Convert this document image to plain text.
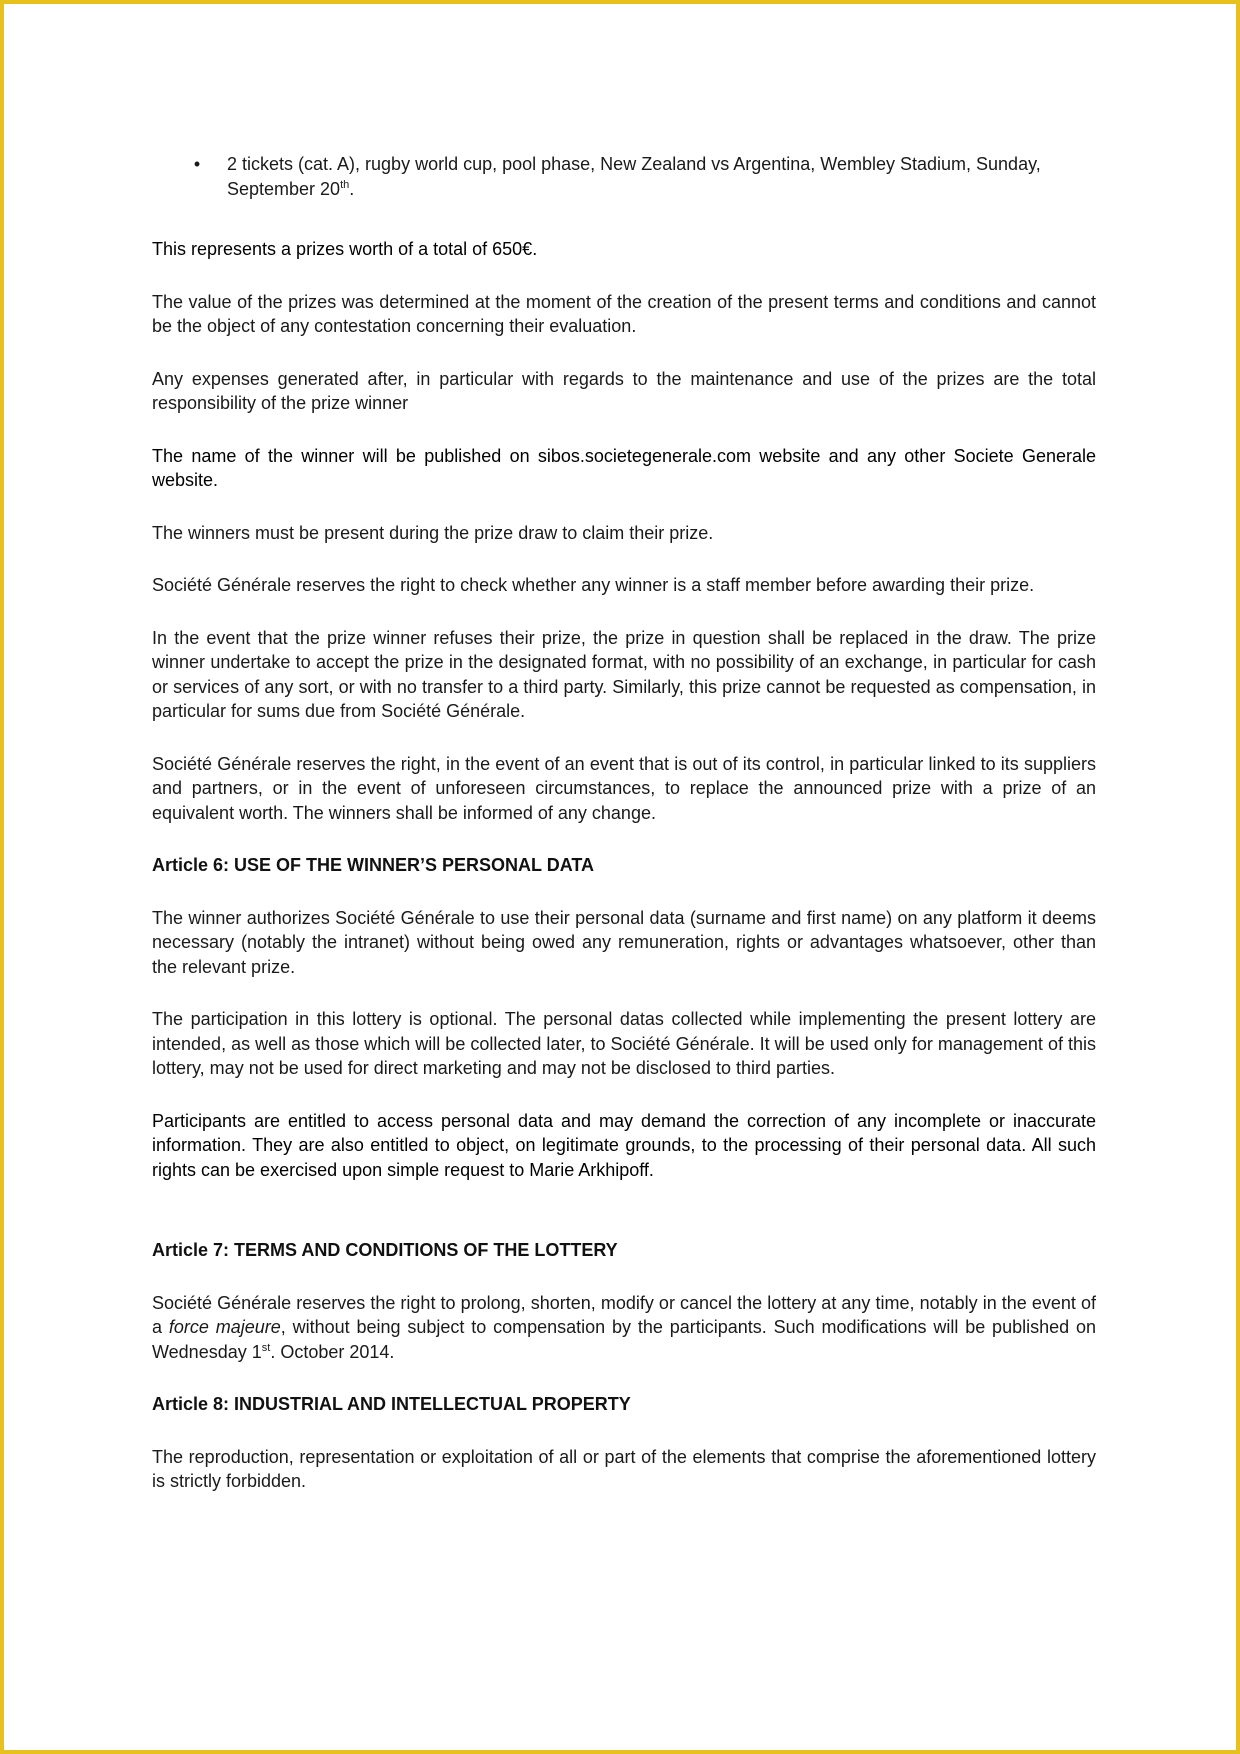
• 2 tickets (cat. A), rugby world cup, pool phase, New Zealand vs Argentina, Wembley Stadium, Sunday, September 20th.

This represents a prizes worth of a total of 650€.

The value of the prizes was determined at the moment of the creation of the present terms and conditions and cannot be the object of any contestation concerning their evaluation.

Any expenses generated after, in particular with regards to the maintenance and use of the prizes are the total responsibility of the prize winner

The name of the winner will be published on sibos.societegenerale.com website and any other Societe Generale website.

The winners must be present during the prize draw to claim their prize.

Société Générale reserves the right to check whether any winner is a staff member before awarding their prize.

In the event that the prize winner refuses their prize, the prize in question shall be replaced in the draw. The prize winner undertake to accept the prize in the designated format, with no possibility of an exchange, in particular for cash or services of any sort, or with no transfer to a third party. Similarly, this prize cannot be requested as compensation, in particular for sums due from Société Générale.

Société Générale reserves the right, in the event of an event that is out of its control, in particular linked to its suppliers and partners, or in the event of unforeseen circumstances, to replace the announced prize with a prize of an equivalent worth. The winners shall be informed of any change.

Article 6: USE OF THE WINNER’S PERSONAL DATA

The winner authorizes Société Générale to use their personal data (surname and first name) on any platform it deems necessary (notably the intranet) without being owed any remuneration, rights or advantages whatsoever, other than the relevant prize.

The participation in this lottery is optional. The personal datas collected while implementing the present lottery are intended, as well as those which will be collected later, to Société Générale. It will be used only for management of this lottery, may not be used for direct marketing and may not be disclosed to third parties.

Participants are entitled to access personal data and may demand the correction of any incomplete or inaccurate information. They are also entitled to object, on legitimate grounds, to the processing of their personal data. All such rights can be exercised upon simple request to Marie Arkhipoff.

Article 7: TERMS AND CONDITIONS OF THE LOTTERY

Société Générale reserves the right to prolong, shorten, modify or cancel the lottery at any time, notably in the event of a force majeure, without being subject to compensation by the participants. Such modifications will be published on Wednesday 1st. October 2014.

Article 8: INDUSTRIAL AND INTELLECTUAL PROPERTY

The reproduction, representation or exploitation of all or part of the elements that comprise the aforementioned lottery is strictly forbidden.
